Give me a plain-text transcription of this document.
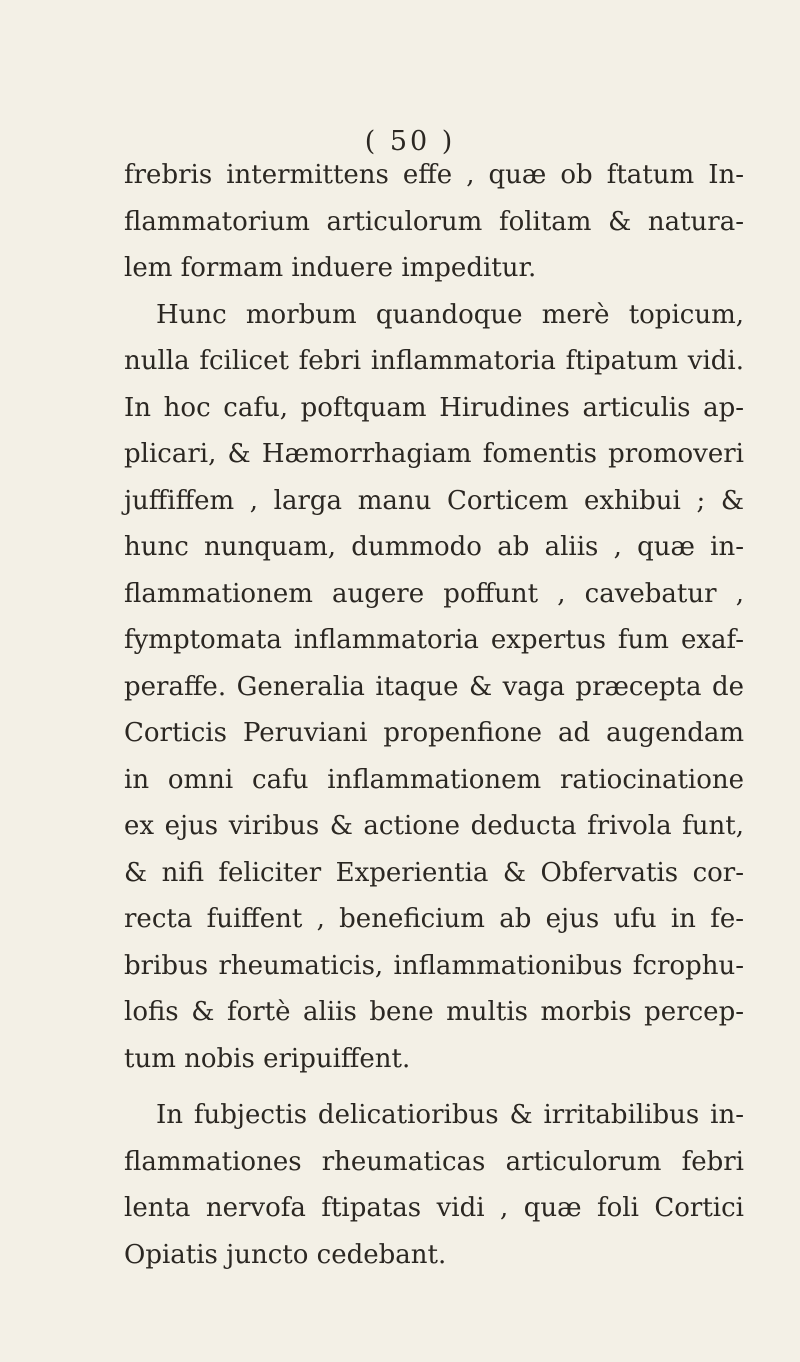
( 50 )
frebris intermittens effe , quæ ob ftatum In-
flammatorium articulorum folitam & natura-
lem formam induere impeditur.
Hunc morbum quandoque merè topicum,
nulla fcilicet febri inflammatoria ftipatum vidi.
In hoc cafu, poftquam Hirudines articulis ap-
plicari, & Hæmorrhagiam fomentis promoveri
juffiffem , larga manu Corticem exhibui ; &
hunc nunquam, dummodo ab aliis , quæ in-
flammationem augere poffunt , cavebatur ,
fymptomata inflammatoria expertus fum exaf-
peraffe. Generalia itaque & vaga præcepta de
Corticis Peruviani propenfione ad augendam
in omni cafu inflammationem ratiocinatione
ex ejus viribus & actione deducta frivola funt,
& nifi feliciter Experientia & Obfervatis cor-
recta fuiffent , beneficium ab ejus ufu in fe-
bribus rheumaticis, inflammationibus fcrophu-
lofis & fortè aliis bene multis morbis percep-
tum nobis eripuiffent.
In fubjectis delicatioribus & irritabilibus in-
flammationes rheumaticas articulorum febri
lenta nervofa ftipatas vidi , quæ foli Cortici
Opiatis juncto cedebant.
